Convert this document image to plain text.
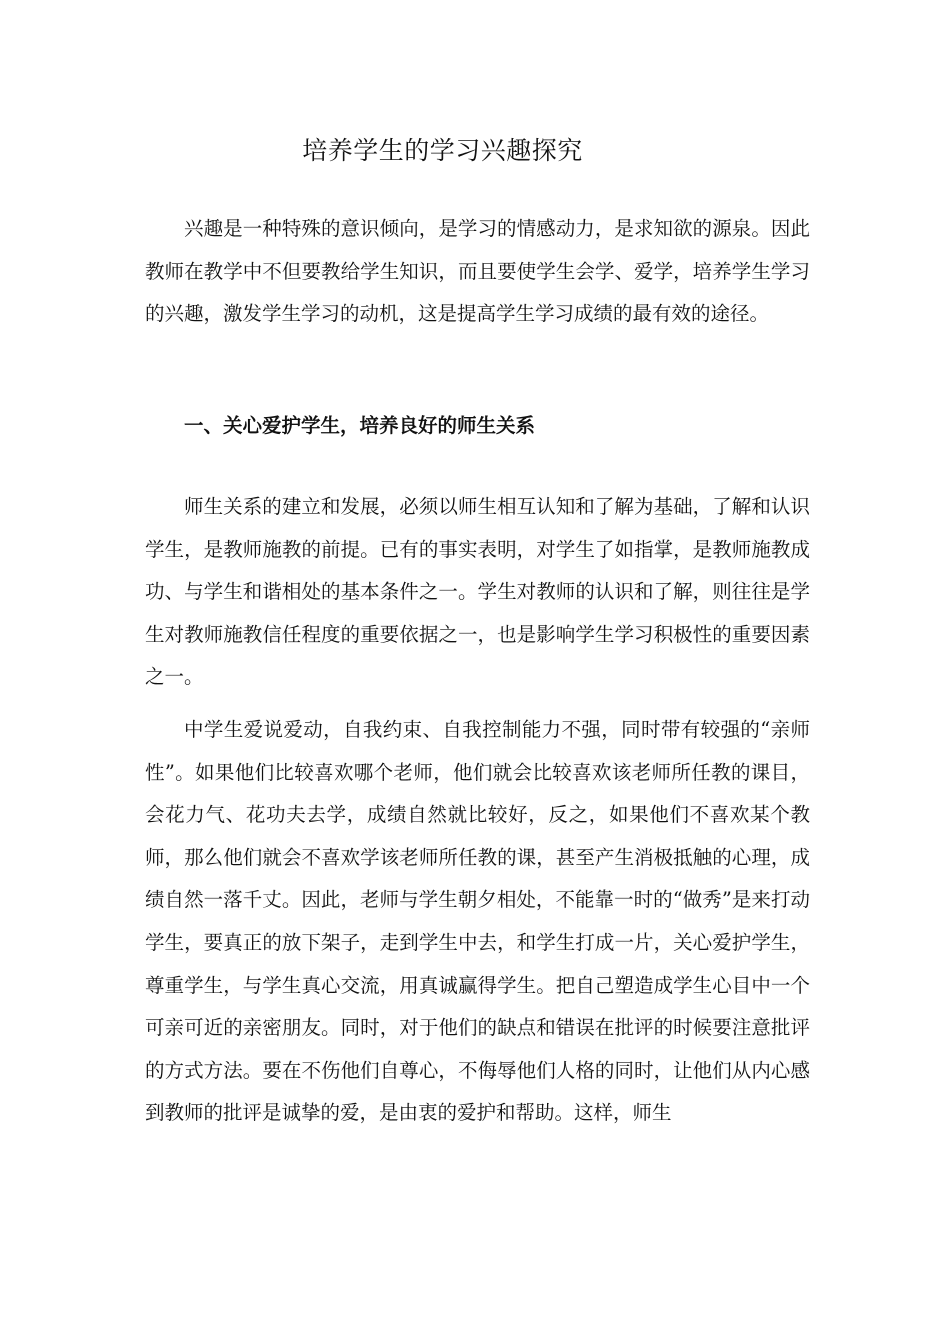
培养学生的学习兴趣探究

兴趣是一种特殊的意识倾向，是学习的情感动力，是求知欲的源泉。因此教师在教学中不但要教给学生知识，而且要使学生会学、爱学，培养学生学习的兴趣，激发学生学习的动机，这是提高学生学习成绩的最有效的途径。

一、关心爱护学生，培养良好的师生关系

师生关系的建立和发展，必须以师生相互认知和了解为基础，了解和认识学生，是教师施教的前提。已有的事实表明，对学生了如指掌，是教师施教成功、与学生和谐相处的基本条件之一。学生对教师的认识和了解，则往往是学生对教师施教信任程度的重要依据之一，也是影响学生学习积极性的重要因素之一。

中学生爱说爱动，自我约束、自我控制能力不强，同时带有较强的“亲师性”。如果他们比较喜欢哪个老师，他们就会比较喜欢该老师所任教的课目，会花力气、花功夫去学，成绩自然就比较好，反之，如果他们不喜欢某个教师，那么他们就会不喜欢学该老师所任教的课，甚至产生消极抵触的心理，成绩自然一落千丈。因此，老师与学生朝夕相处，不能靠一时的“做秀”是来打动学生，要真正的放下架子，走到学生中去，和学生打成一片，关心爱护学生，尊重学生，与学生真心交流，用真诚赢得学生。把自己塑造成学生心目中一个可亲可近的亲密朋友。同时，对于他们的缺点和错误在批评的时候要注意批评的方式方法。要在不伤他们自尊心，不侮辱他们人格的同时，让他们从内心感到教师的批评是诚挚的爱，是由衷的爱护和帮助。这样，师生
